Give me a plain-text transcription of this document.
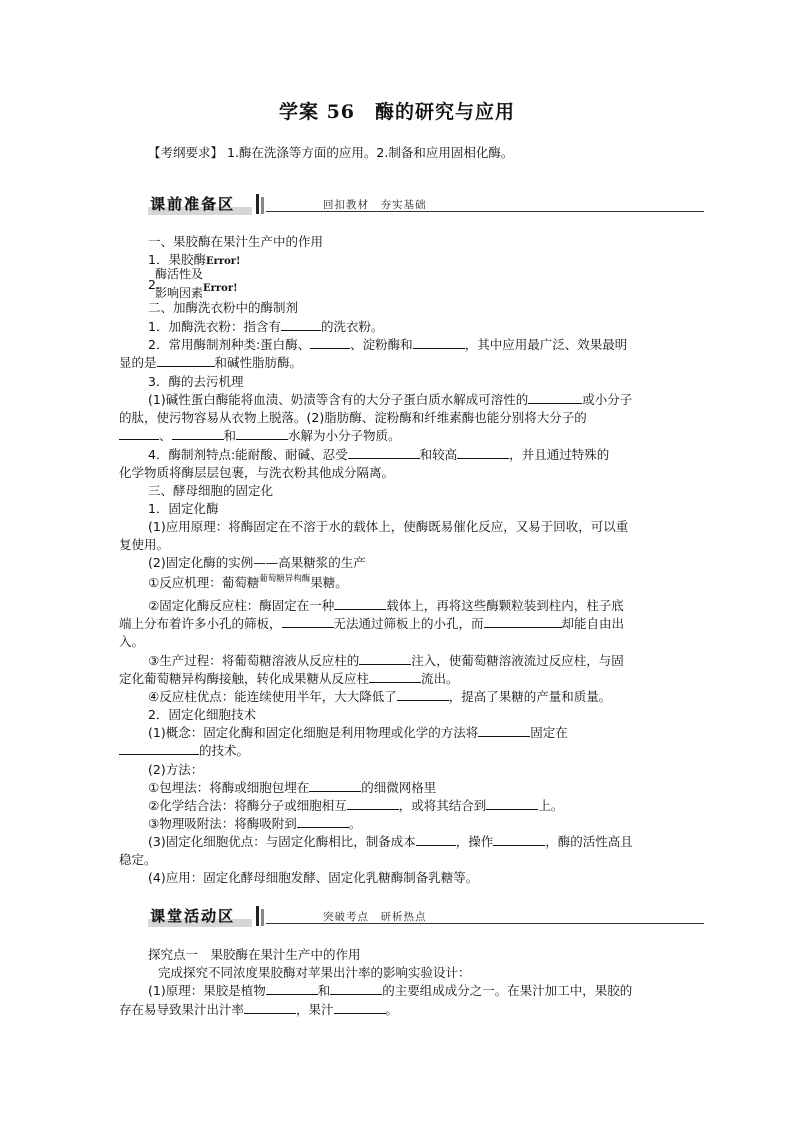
学案 56　酶的研究与应用
【考纲要求】 1.酶在洗涤等方面的应用。2.制备和应用固相化酶。
课前准备区	回扣教材　夯实基础
一、果胶酶在果汁生产中的作用
1．果胶酶Error!
酶活性及
2.
影响因素$^{Error!}$
二、加酶洗衣粉中的酶制剂
1．加酶洗衣粉：指含有	的洗衣粉。
2．常用酶制剂种类:蛋白酶、	、淀粉酶和	，其中应用最广泛、效果最明
显的是	和碱性脂肪酶。
3．酶的去污机理
(1)碱性蛋白酶能将血渍、奶渍等含有的大分子蛋白质水解成可溶性的	或小分子
的肽，使污物容易从衣物上脱落。(2)脂肪酶、淀粉酶和纤维素酶也能分别将大分子的
、	和	水解为小分子物质。
4．酶制剂特点:能耐酸、耐碱、忍受	和较高	，并且通过特殊的
化学物质将酶层层包裹，与洗衣粉其他成分隔离。
三、酵母细胞的固定化
1．固定化酶
(1)应用原理：将酶固定在不溶于水的载体上，使酶既易催化反应，又易于回收，可以重
复使用。
(2)固定化酶的实例——高果糖浆的生产
①反应机理：葡萄糖$^{葡萄糖异构酶}$果糖。
②固定化酶反应柱：酶固定在一种	载体上，再将这些酶颗粒装到柱内，柱子底
端上分布着许多小孔的筛板，	无法通过筛板上的小孔，而	却能自由出
入。
③生产过程：将葡萄糖溶液从反应柱的	注入，使葡萄糖溶液流过反应柱，与固
定化葡萄糖异构酶接触，转化成果糖从反应柱	流出。
④反应柱优点：能连续使用半年，大大降低了	，提高了果糖的产量和质量。
2．固定化细胞技术
(1)概念：固定化酶和固定化细胞是利用物理或化学的方法将	固定在
的技术。
(2)方法：
①包埋法：将酶或细胞包埋在	的细微网格里
②化学结合法：将酶分子或细胞相互	，或将其结合到	上。
③物理吸附法：将酶吸附到	。
(3)固定化细胞优点：与固定化酶相比，制备成本	，操作	，酶的活性高且
稳定。
(4)应用：固定化酵母细胞发酵、固定化乳糖酶制备乳糖等。
课堂活动区	突破考点　研析热点
探究点一　果胶酶在果汁生产中的作用
完成探究不同浓度果胶酶对苹果出汁率的影响实验设计：
(1)原理：果胶是植物	和	的主要组成成分之一。在果汁加工中，果胶的
存在易导致果汁出汁率	，果汁	。
